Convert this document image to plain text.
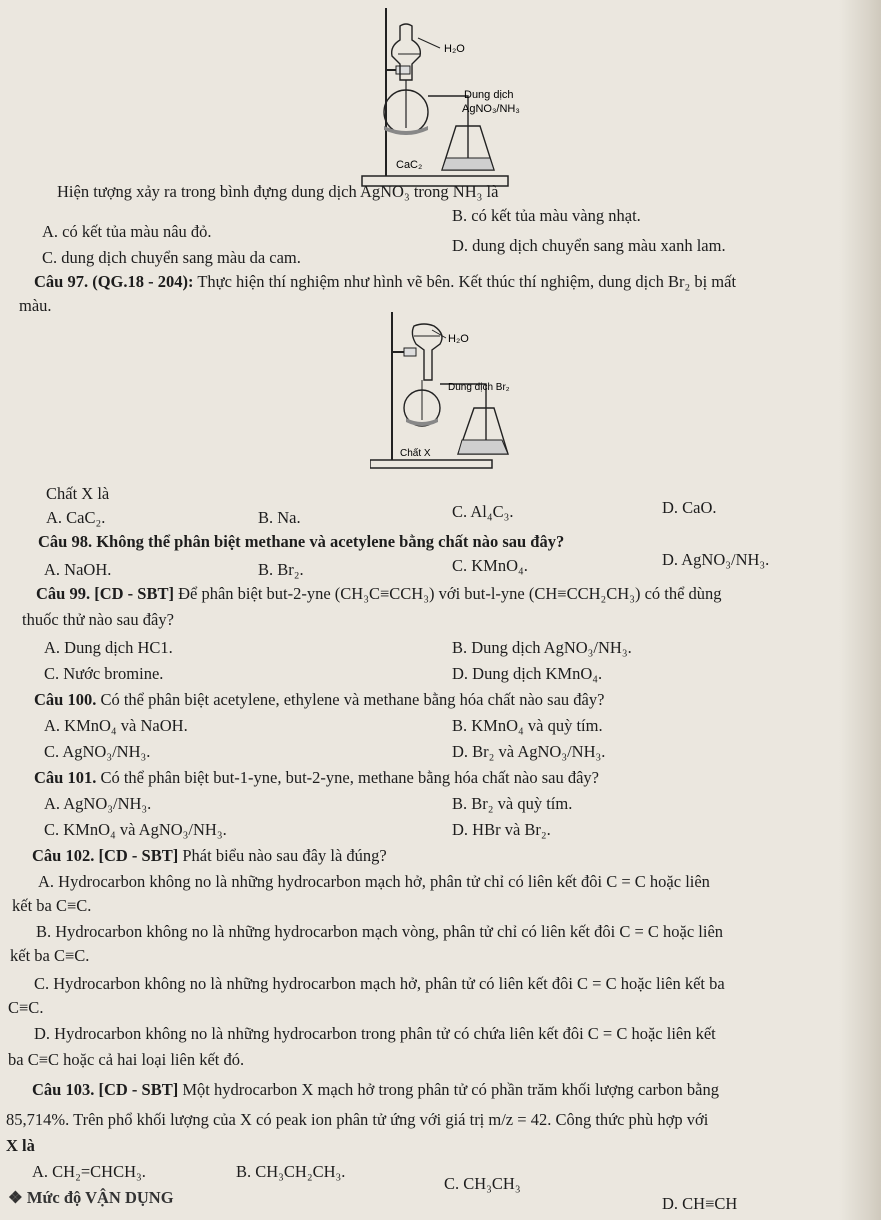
H₂O
Dung dịch
AgNO₃/NH₃
CaC₂
Hiện tượng xảy ra trong bình đựng dung dịch AgNO₃ trong NH₃ là
B. có kết tủa màu vàng nhạt.
A. có kết tủa màu nâu đỏ.
D. dung dịch chuyển sang màu xanh lam.
C. dung dịch chuyển sang màu da cam.
Câu 97. (QG.18 - 204): Thực hiện thí nghiệm như hình vẽ bên. Kết thúc thí nghiệm, dung dịch Br₂ bị mất
màu.
H₂O
Dung dịch Br₂
Chất X
Chất X là
D. CaO.
A. CaC₂.	B. Na.	C. Al₄C₃.
Câu 98. Không thể phân biệt methane và acetylene bằng chất nào sau đây?
A. NaOH.	B. Br₂.	C. KMnO₄.	D. AgNO₃/NH₃.
Câu 99. [CD - SBT] Để phân biệt but-2-yne (CH₃C≡CCH₃) với but-l-yne (CH≡CCH₂CH₃) có thể dùng
thuốc thử nào sau đây?
A. Dung dịch HC1.	B. Dung dịch AgNO₃/NH₃.
C. Nước bromine.	D. Dung dịch KMnO₄.
Câu 100. Có thể phân biệt acetylene, ethylene và methane bằng hóa chất nào sau đây?
A. KMnO₄ và NaOH.	B. KMnO₄ và quỳ tím.
C. AgNO₃/NH₃.	D. Br₂ và AgNO₃/NH₃.
Câu 101. Có thể phân biệt but-1-yne, but-2-yne, methane bằng hóa chất nào sau đây?
A. AgNO₃/NH₃.	B. Br₂ và quỳ tím.
C. KMnO₄ và AgNO₃/NH₃.	D. HBr và Br₂.
Câu 102. [CD - SBT] Phát biểu nào sau đây là đúng?
A. Hydrocarbon không no là những hydrocarbon mạch hở, phân tử chỉ có liên kết đôi C = C hoặc liên
kết ba C≡C.
B. Hydrocarbon không no là những hydrocarbon mạch vòng, phân tử chỉ có liên kết đôi C = C hoặc liên
kết ba C≡C.
C. Hydrocarbon không no là những hydrocarbon mạch hở, phân tử có liên kết đôi C = C hoặc liên kết ba
C≡C.
D. Hydrocarbon không no là những hydrocarbon trong phân tử có chứa liên kết đôi C = C hoặc liên kết
ba C≡C hoặc cả hai loại liên kết đó.
Câu 103. [CD - SBT] Một hydrocarbon X mạch hở trong phân tử có phần trăm khối lượng carbon bằng
85,714%. Trên phổ khối lượng của X có peak ion phân tử ứng với giá trị m/z = 42. Công thức phù hợp với
X là
A. CH₂=CHCH₃.	B. CH₃CH₂CH₃.
C. CH₃CH₃
D. CH≡CH
❖ Mức độ VẬN DỤNG
